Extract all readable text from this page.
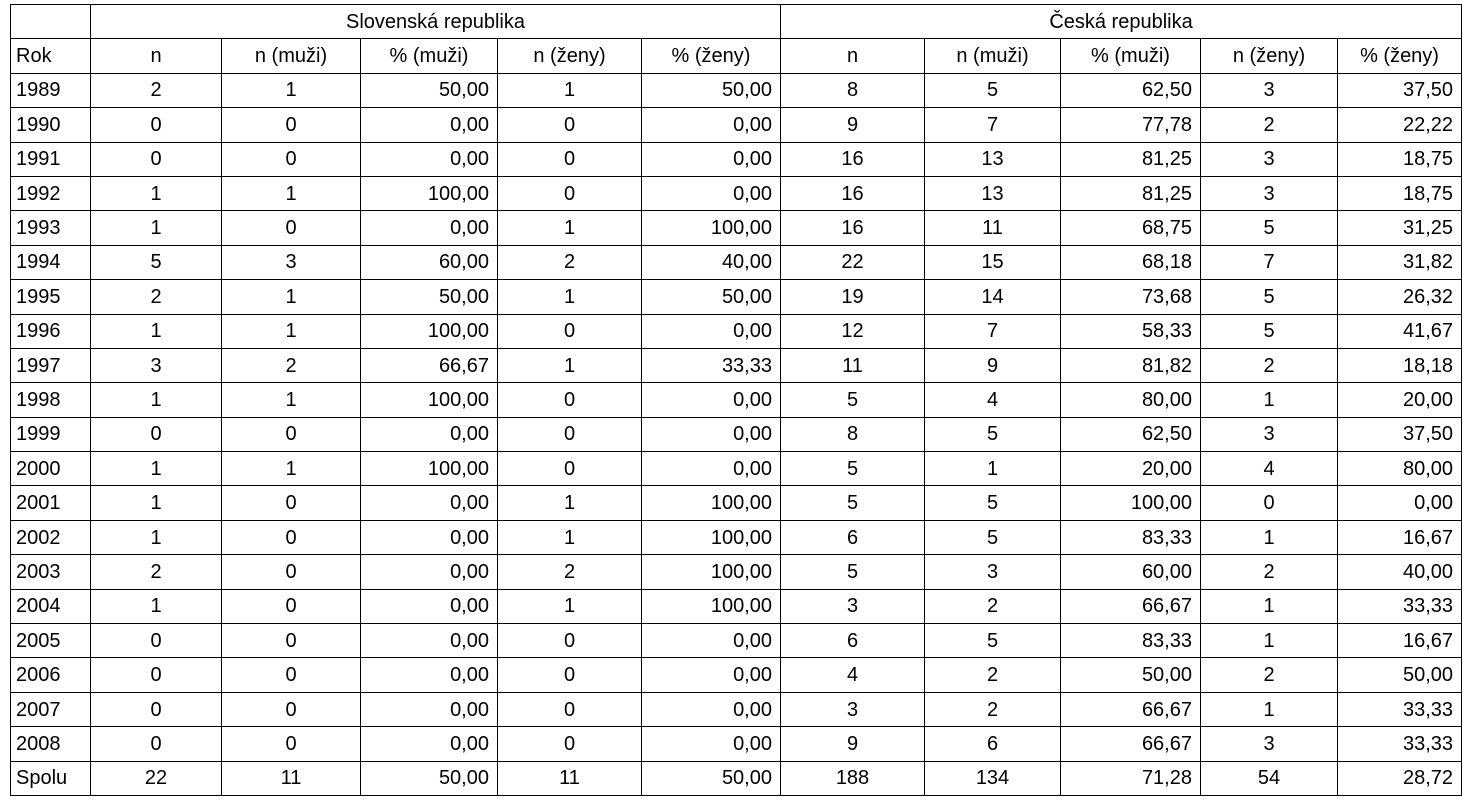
	Slovenská republika					Česká republika				
Rok	n	n (muži)	% (muži)	n (ženy)	% (ženy)	n	n (muži)	% (muži)	n (ženy)	% (ženy)
1989	2	1	50,00	1	50,00	8	5	62,50	3	37,50
1990	0	0	0,00	0	0,00	9	7	77,78	2	22,22
1991	0	0	0,00	0	0,00	16	13	81,25	3	18,75
1992	1	1	100,00	0	0,00	16	13	81,25	3	18,75
1993	1	0	0,00	1	100,00	16	11	68,75	5	31,25
1994	5	3	60,00	2	40,00	22	15	68,18	7	31,82
1995	2	1	50,00	1	50,00	19	14	73,68	5	26,32
1996	1	1	100,00	0	0,00	12	7	58,33	5	41,67
1997	3	2	66,67	1	33,33	11	9	81,82	2	18,18
1998	1	1	100,00	0	0,00	5	4	80,00	1	20,00
1999	0	0	0,00	0	0,00	8	5	62,50	3	37,50
2000	1	1	100,00	0	0,00	5	1	20,00	4	80,00
2001	1	0	0,00	1	100,00	5	5	100,00	0	0,00
2002	1	0	0,00	1	100,00	6	5	83,33	1	16,67
2003	2	0	0,00	2	100,00	5	3	60,00	2	40,00
2004	1	0	0,00	1	100,00	3	2	66,67	1	33,33
2005	0	0	0,00	0	0,00	6	5	83,33	1	16,67
2006	0	0	0,00	0	0,00	4	2	50,00	2	50,00
2007	0	0	0,00	0	0,00	3	2	66,67	1	33,33
2008	0	0	0,00	0	0,00	9	6	66,67	3	33,33
Spolu	22	11	50,00	11	50,00	188	134	71,28	54	28,72
